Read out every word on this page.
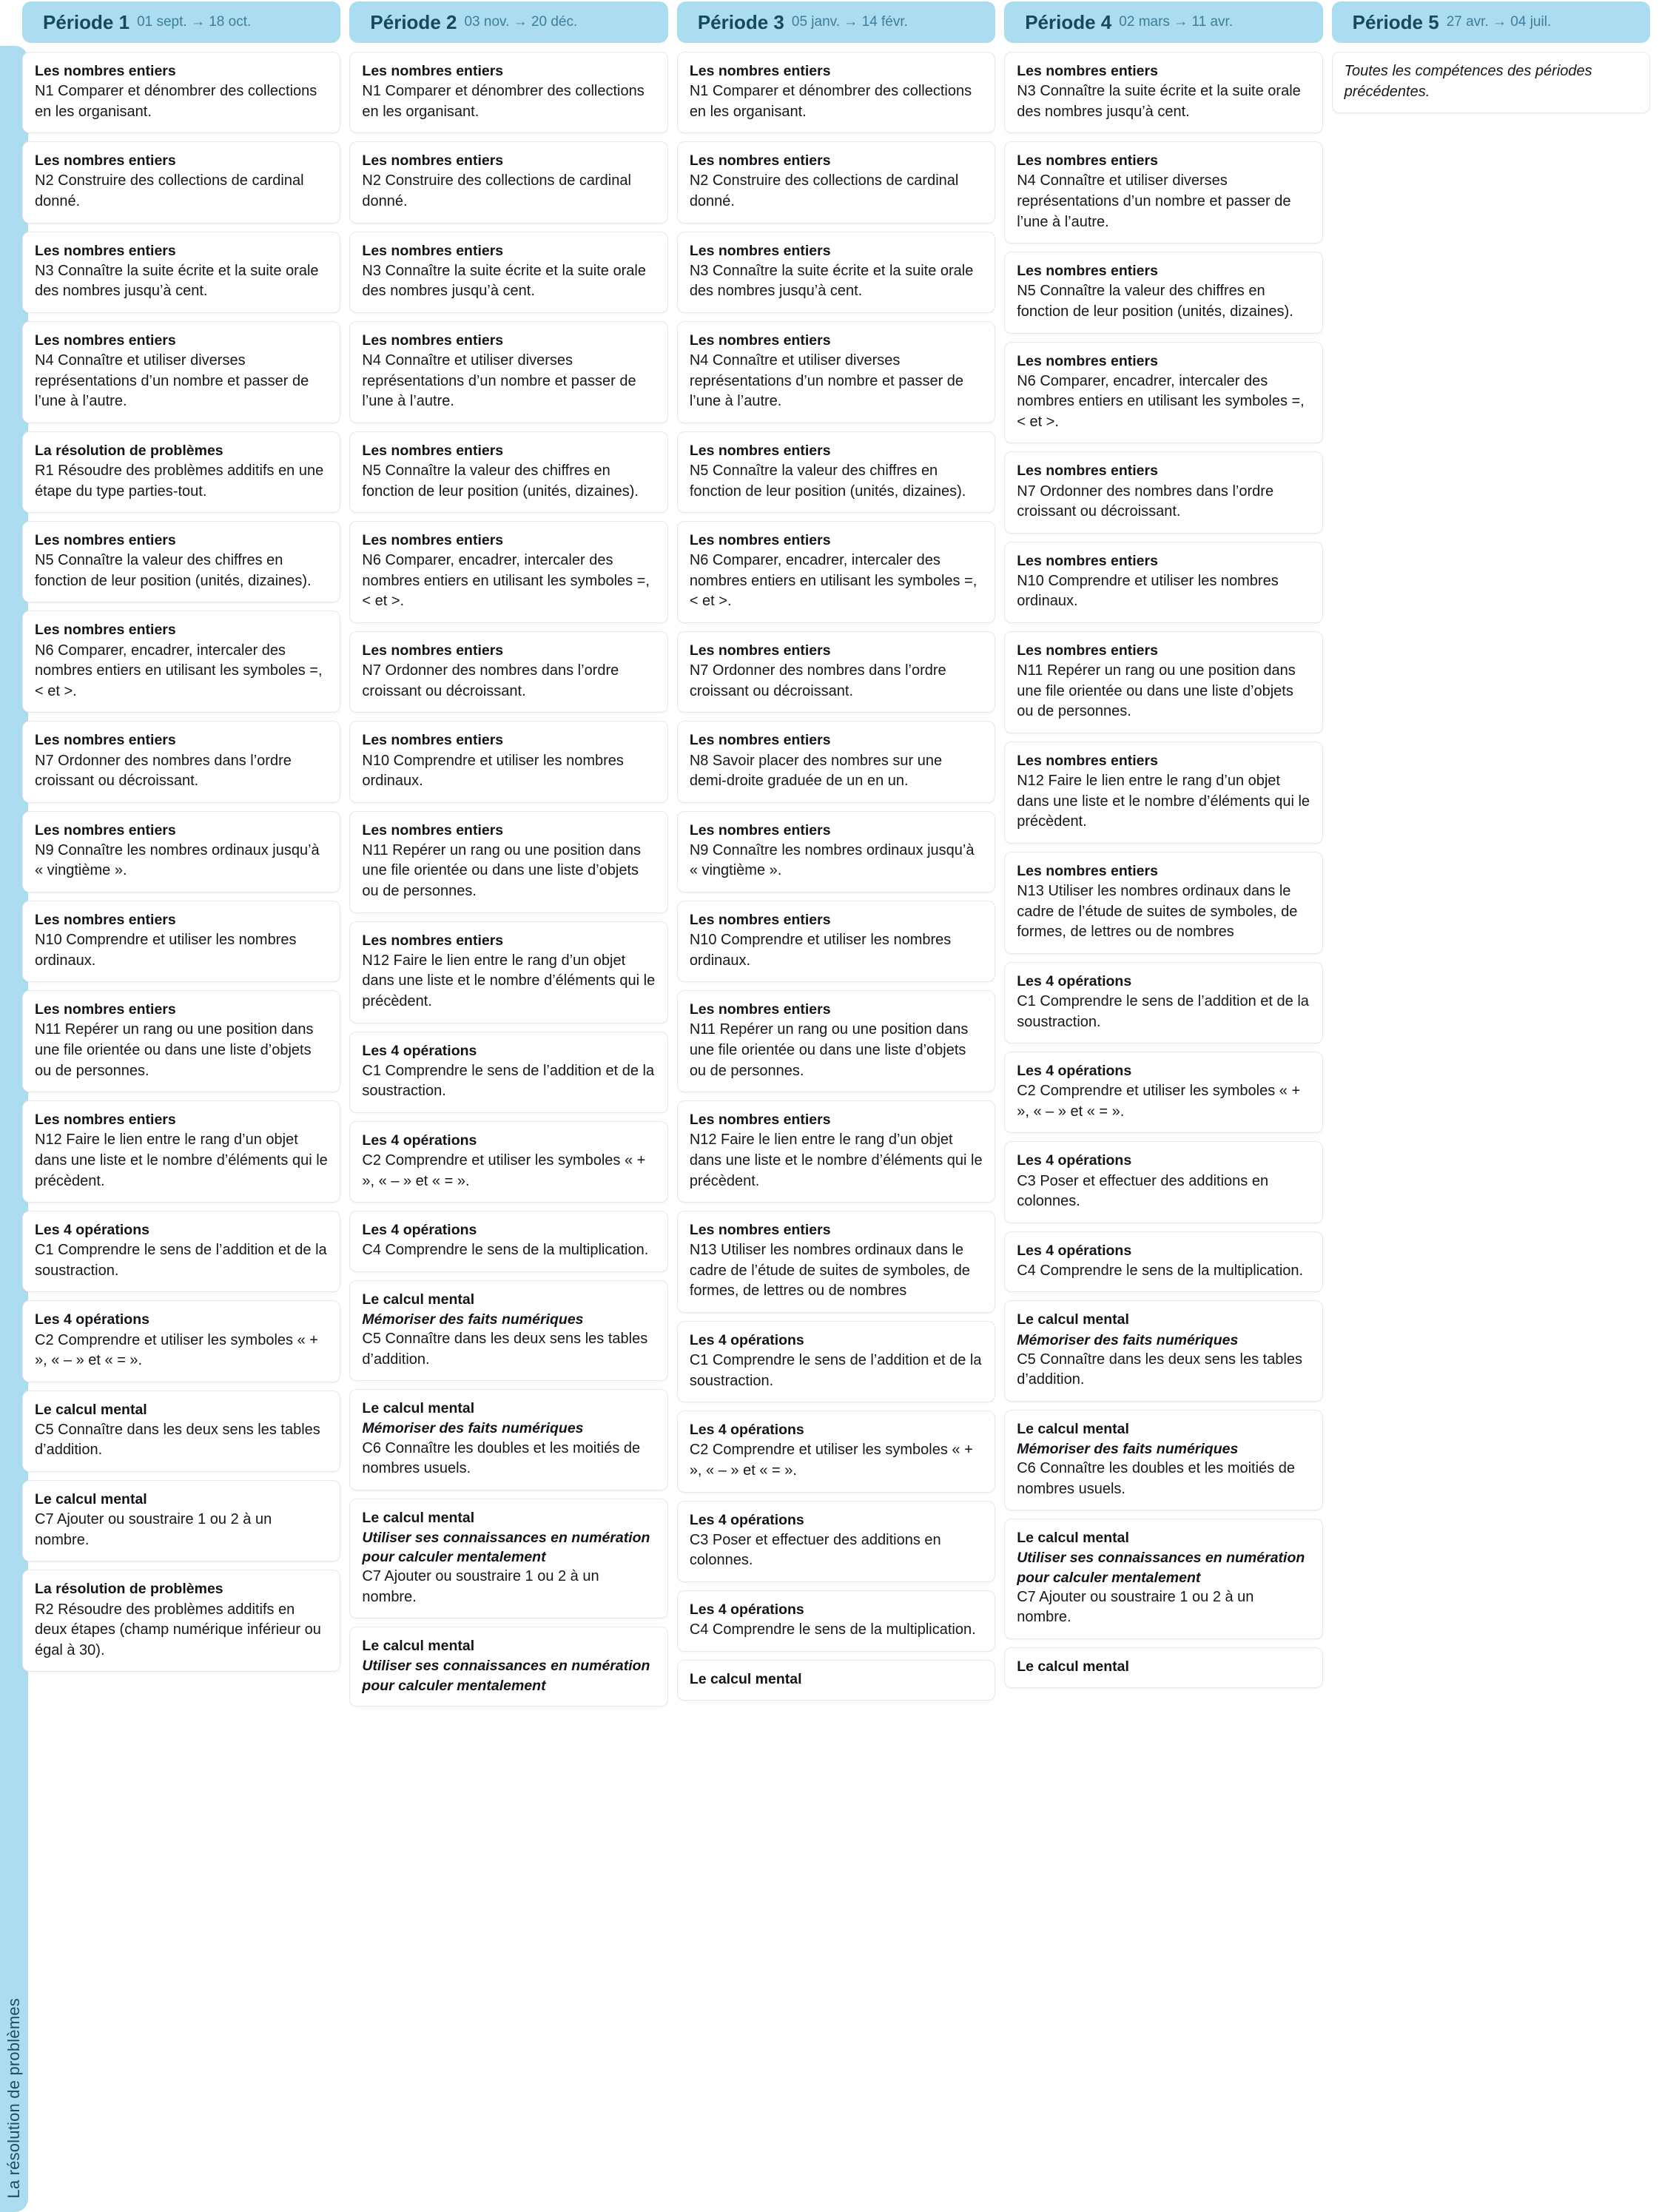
La résolution de problèmes
Période 1 01 sept. → 18 oct.	Période 2 03 nov. → 20 déc.	Période 3 05 janv. → 14 févr.	Période 4 02 mars → 11 avr.	Période 5 27 avr. → 04 juil.
Les nombres entiers
N1 Comparer et dénombrer des collections en les organisant.
Les nombres entiers
N2 Construire des collections de cardinal donné.
Les nombres entiers
N3 Connaître la suite écrite et la suite orale des nombres jusqu’à cent.
Les nombres entiers
N4 Connaître et utiliser diverses représentations d’un nombre et passer de l’une à l’autre.
La résolution de problèmes
R1 Résoudre des problèmes additifs en une étape du type parties-tout.
Les nombres entiers
N5 Connaître la valeur des chiffres en fonction de leur position (unités, dizaines).
Les nombres entiers
N6 Comparer, encadrer, intercaler des nombres entiers en utilisant les symboles =, < et >.
Les nombres entiers
N7 Ordonner des nombres dans l’ordre croissant ou décroissant.
Les nombres entiers
N9 Connaître les nombres ordinaux jusqu’à « vingtième ».
Les nombres entiers
N10 Comprendre et utiliser les nombres ordinaux.
Les nombres entiers
N11 Repérer un rang ou une position dans une file orientée ou dans une liste d’objets ou de personnes.
Les nombres entiers
N12 Faire le lien entre le rang d’un objet dans une liste et le nombre d’éléments qui le précèdent.
Les 4 opérations
C1 Comprendre le sens de l’addition et de la soustraction.
Les 4 opérations
C2 Comprendre et utiliser les symboles « + », « – » et « = ».
Le calcul mental
C5 Connaître dans les deux sens les tables d’addition.
Le calcul mental
C7 Ajouter ou soustraire 1 ou 2 à un nombre.
La résolution de problèmes
R2 Résoudre des problèmes additifs en deux étapes (champ numérique inférieur ou égal à 30).
Les nombres entiers
N1 Comparer et dénombrer des collections en les organisant.
Les nombres entiers
N2 Construire des collections de cardinal donné.
Les nombres entiers
N3 Connaître la suite écrite et la suite orale des nombres jusqu’à cent.
Les nombres entiers
N4 Connaître et utiliser diverses représentations d’un nombre et passer de l’une à l’autre.
Les nombres entiers
N5 Connaître la valeur des chiffres en fonction de leur position (unités, dizaines).
Les nombres entiers
N6 Comparer, encadrer, intercaler des nombres entiers en utilisant les symboles =, < et >.
Les nombres entiers
N7 Ordonner des nombres dans l’ordre croissant ou décroissant.
Les nombres entiers
N10 Comprendre et utiliser les nombres ordinaux.
Les nombres entiers
N11 Repérer un rang ou une position dans une file orientée ou dans une liste d’objets ou de personnes.
Les nombres entiers
N12 Faire le lien entre le rang d’un objet dans une liste et le nombre d’éléments qui le précèdent.
Les 4 opérations
C1 Comprendre le sens de l’addition et de la soustraction.
Les 4 opérations
C2 Comprendre et utiliser les symboles « + », « – » et « = ».
Les 4 opérations
C4 Comprendre le sens de la multiplication.
Le calcul mental
Mémoriser des faits numériques
C5 Connaître dans les deux sens les tables d’addition.
Le calcul mental
Mémoriser des faits numériques
C6 Connaître les doubles et les moitiés de nombres usuels.
Le calcul mental
Utiliser ses connaissances en numération pour calculer mentalement
C7 Ajouter ou soustraire 1 ou 2 à un nombre.
Le calcul mental
Utiliser ses connaissances en numération pour calculer mentalement
Les nombres entiers
N1 Comparer et dénombrer des collections en les organisant.
Les nombres entiers
N2 Construire des collections de cardinal donné.
Les nombres entiers
N3 Connaître la suite écrite et la suite orale des nombres jusqu’à cent.
Les nombres entiers
N4 Connaître et utiliser diverses représentations d’un nombre et passer de l’une à l’autre.
Les nombres entiers
N5 Connaître la valeur des chiffres en fonction de leur position (unités, dizaines).
Les nombres entiers
N6 Comparer, encadrer, intercaler des nombres entiers en utilisant les symboles =, < et >.
Les nombres entiers
N7 Ordonner des nombres dans l’ordre croissant ou décroissant.
Les nombres entiers
N8 Savoir placer des nombres sur une demi-droite graduée de un en un.
Les nombres entiers
N9 Connaître les nombres ordinaux jusqu’à « vingtième ».
Les nombres entiers
N10 Comprendre et utiliser les nombres ordinaux.
Les nombres entiers
N11 Repérer un rang ou une position dans une file orientée ou dans une liste d’objets ou de personnes.
Les nombres entiers
N12 Faire le lien entre le rang d’un objet dans une liste et le nombre d’éléments qui le précèdent.
Les nombres entiers
N13 Utiliser les nombres ordinaux dans le cadre de l’étude de suites de symboles, de formes, de lettres ou de nombres
Les 4 opérations
C1 Comprendre le sens de l’addition et de la soustraction.
Les 4 opérations
C2 Comprendre et utiliser les symboles « + », « – » et « = ».
Les 4 opérations
C3 Poser et effectuer des additions en colonnes.
Les 4 opérations
C4 Comprendre le sens de la multiplication.
Le calcul mental
Les nombres entiers
N3 Connaître la suite écrite et la suite orale des nombres jusqu’à cent.
Les nombres entiers
N4 Connaître et utiliser diverses représentations d’un nombre et passer de l’une à l’autre.
Les nombres entiers
N5 Connaître la valeur des chiffres en fonction de leur position (unités, dizaines).
Les nombres entiers
N6 Comparer, encadrer, intercaler des nombres entiers en utilisant les symboles =, < et >.
Les nombres entiers
N7 Ordonner des nombres dans l’ordre croissant ou décroissant.
Les nombres entiers
N10 Comprendre et utiliser les nombres ordinaux.
Les nombres entiers
N11 Repérer un rang ou une position dans une file orientée ou dans une liste d’objets ou de personnes.
Les nombres entiers
N12 Faire le lien entre le rang d’un objet dans une liste et le nombre d’éléments qui le précèdent.
Les nombres entiers
N13 Utiliser les nombres ordinaux dans le cadre de l’étude de suites de symboles, de formes, de lettres ou de nombres
Les 4 opérations
C1 Comprendre le sens de l’addition et de la soustraction.
Les 4 opérations
C2 Comprendre et utiliser les symboles « + », « – » et « = ».
Les 4 opérations
C3 Poser et effectuer des additions en colonnes.
Les 4 opérations
C4 Comprendre le sens de la multiplication.
Le calcul mental
Mémoriser des faits numériques
C5 Connaître dans les deux sens les tables d’addition.
Le calcul mental
Mémoriser des faits numériques
C6 Connaître les doubles et les moitiés de nombres usuels.
Le calcul mental
Utiliser ses connaissances en numération pour calculer mentalement
C7 Ajouter ou soustraire 1 ou 2 à un nombre.
Le calcul mental
Toutes les compétences des périodes précédentes.
